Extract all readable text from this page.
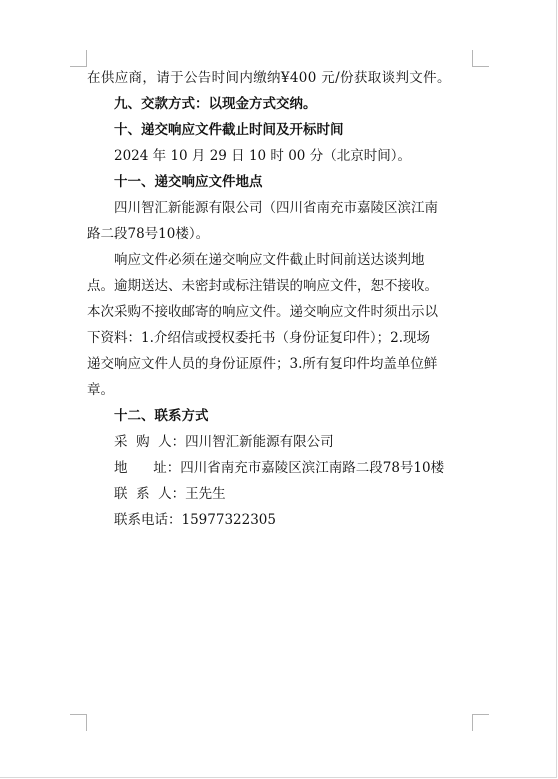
在供应商，请于公告时间内缴纳¥400 元/份获取谈判文件。
九、交款方式：以现金方式交纳。
十、递交响应文件截止时间及开标时间
2024 年 10 月 29 日 10 时 00 分（北京时间）。
十一、递交响应文件地点
四川智汇新能源有限公司（四川省南充市嘉陵区滨江南
路二段78号10楼）。
响应文件必须在递交响应文件截止时间前送达谈判地
点。逾期送达、未密封或标注错误的响应文件，恕不接收。
本次采购不接收邮寄的响应文件。递交响应文件时须出示以
下资料：1.介绍信或授权委托书（身份证复印件）；2.现场
递交响应文件人员的身份证原件；3.所有复印件均盖单位鲜
章。
十二、联系方式
采  购  人：四川智汇新能源有限公司
地      址：四川省南充市嘉陵区滨江南路二段78号10楼
联  系  人：王先生
联系电话：15977322305
